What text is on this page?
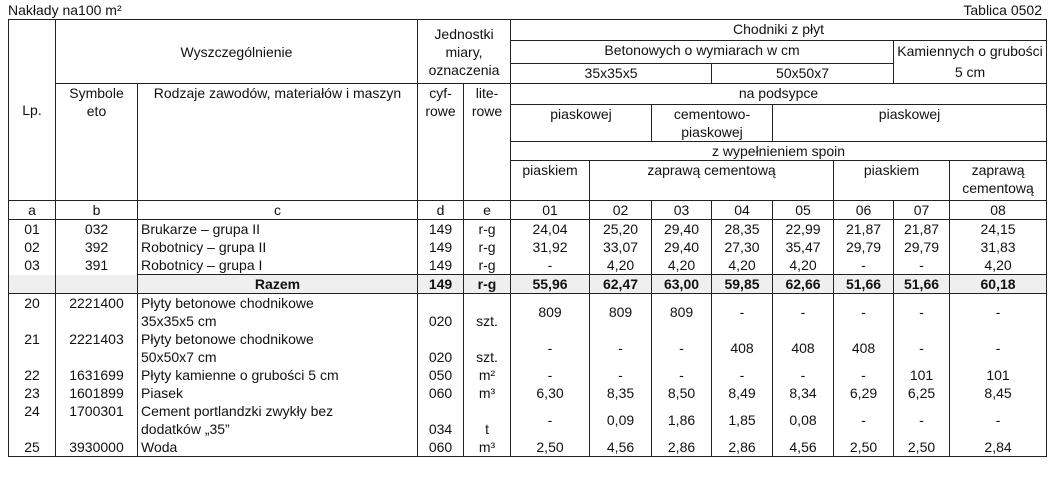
Nakłady na100 m²	Tablica 0502
Lp.	Wyszczególnienie		Jednostki miary, oznaczenia		Chodniki z płyt								
					Betonowych o wymiarach w cm						Kamiennych o grubości 5 cm		
					35x35x5			50x50x7					
	Symbole eto	Rodzaje zawodów, materiałów i maszyn	cyf- rowe	lite- rowe	na podsypce								
					piaskowej		cementowo- piaskowej		piaskowej				
					z wypełnieniem spoin								
					piaskiem	zaprawą cementową				piaskiem		zaprawą cementową	

a	b	c	d	e	01	02	03	04	05	06	07	08	
01	032	Brukarze – grupa II	149	r-g	24,04	25,20	29,40	28,35	22,99	21,87	21,87	24,15	
02	392	Robotnicy – grupa II	149	r-g	31,92	33,07	29,40	27,30	35,47	29,79	29,79	31,83	
03	391	Robotnicy – grupa I	149	r-g	-	4,20	4,20	4,20	4,20	-	-	4,20	
		Razem	149	r-g	55,96	62,47	63,00	59,85	62,66	51,66	51,66	60,18	
20	2221400	Płyty betonowe chodnikowe
35x35x5 cm	020	szt.	809	809	809	-	-	-	-	-	
21	2221403	Płyty betonowe chodnikowe
50x50x7 cm	020	szt.	-	-	-	408	408	408	-	-	
22	1631699	Płyty kamienne o grubości 5 cm	050	m²	-	-	-	-	-	-	101	101	
23	1601899	Piasek	060	m³	6,30	8,35	8,50	8,49	8,34	6,29	6,25	8,45	
24	1700301	Cement portlandzki zwykły bez
dodatków „35”	034	t	-	0,09	1,86	1,85	0,08	-	-	-	
25	3930000	Woda	060	m³	2,50	4,56	2,86	2,86	4,56	2,50	2,50	2,84	
